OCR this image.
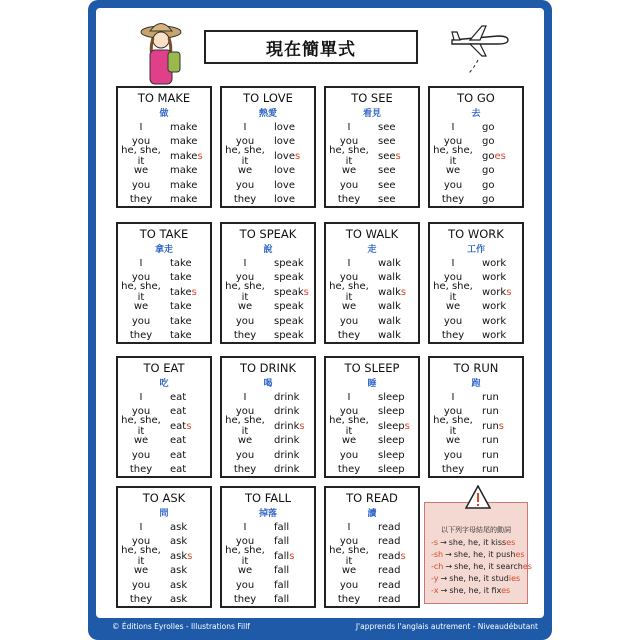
現在簡單式
TO MAKE
做
I	make
you	make
he, she, it	makes
we	make
you	make
they	make
TO LOVE
熱愛
I	love
you	love
he, she, it	loves
we	love
you	love
they	love
TO SEE
看見
I	see
you	see
he, she, it	sees
we	see
you	see
they	see
TO GO
去
I	go
you	go
he, she, it	goes
we	go
you	go
they	go
TO TAKE
拿走
I	take
you	take
he, she, it	takes
we	take
you	take
they	take
TO SPEAK
說
I	speak
you	speak
he, she, it	speaks
we	speak
you	speak
they	speak
TO WALK
走
I	walk
you	walk
he, she, it	walks
we	walk
you	walk
they	walk
TO WORK
工作
I	work
you	work
he, she, it	works
we	work
you	work
they	work
TO EAT
吃
I	eat
you	eat
he, she, it	eats
we	eat
you	eat
they	eat
TO DRINK
喝
I	drink
you	drink
he, she, it	drinks
we	drink
you	drink
they	drink
TO SLEEP
睡
I	sleep
you	sleep
he, she, it	sleeps
we	sleep
you	sleep
they	sleep
TO RUN
跑
I	run
you	run
he, she, it	runs
we	run
you	run
they	run
TO ASK
問
I	ask
you	ask
he, she, it	asks
we	ask
you	ask
they	ask
TO FALL
掉落
I	fall
you	fall
he, she, it	falls
we	fall
you	fall
they	fall
TO READ
讀
I	read
you	read
he, she, it	reads
we	read
you	read
they	read
以下列字母結尾的動詞
-s → she, he, it kisses
-sh → she, he, it pushes
-ch → she, he, it searches
-y → she, he, it studies
-x → she, he, it fixes
© Éditions Eyrolles - Illustrations Fillf	J'apprends l'anglais autrement - Niveaudébutant
